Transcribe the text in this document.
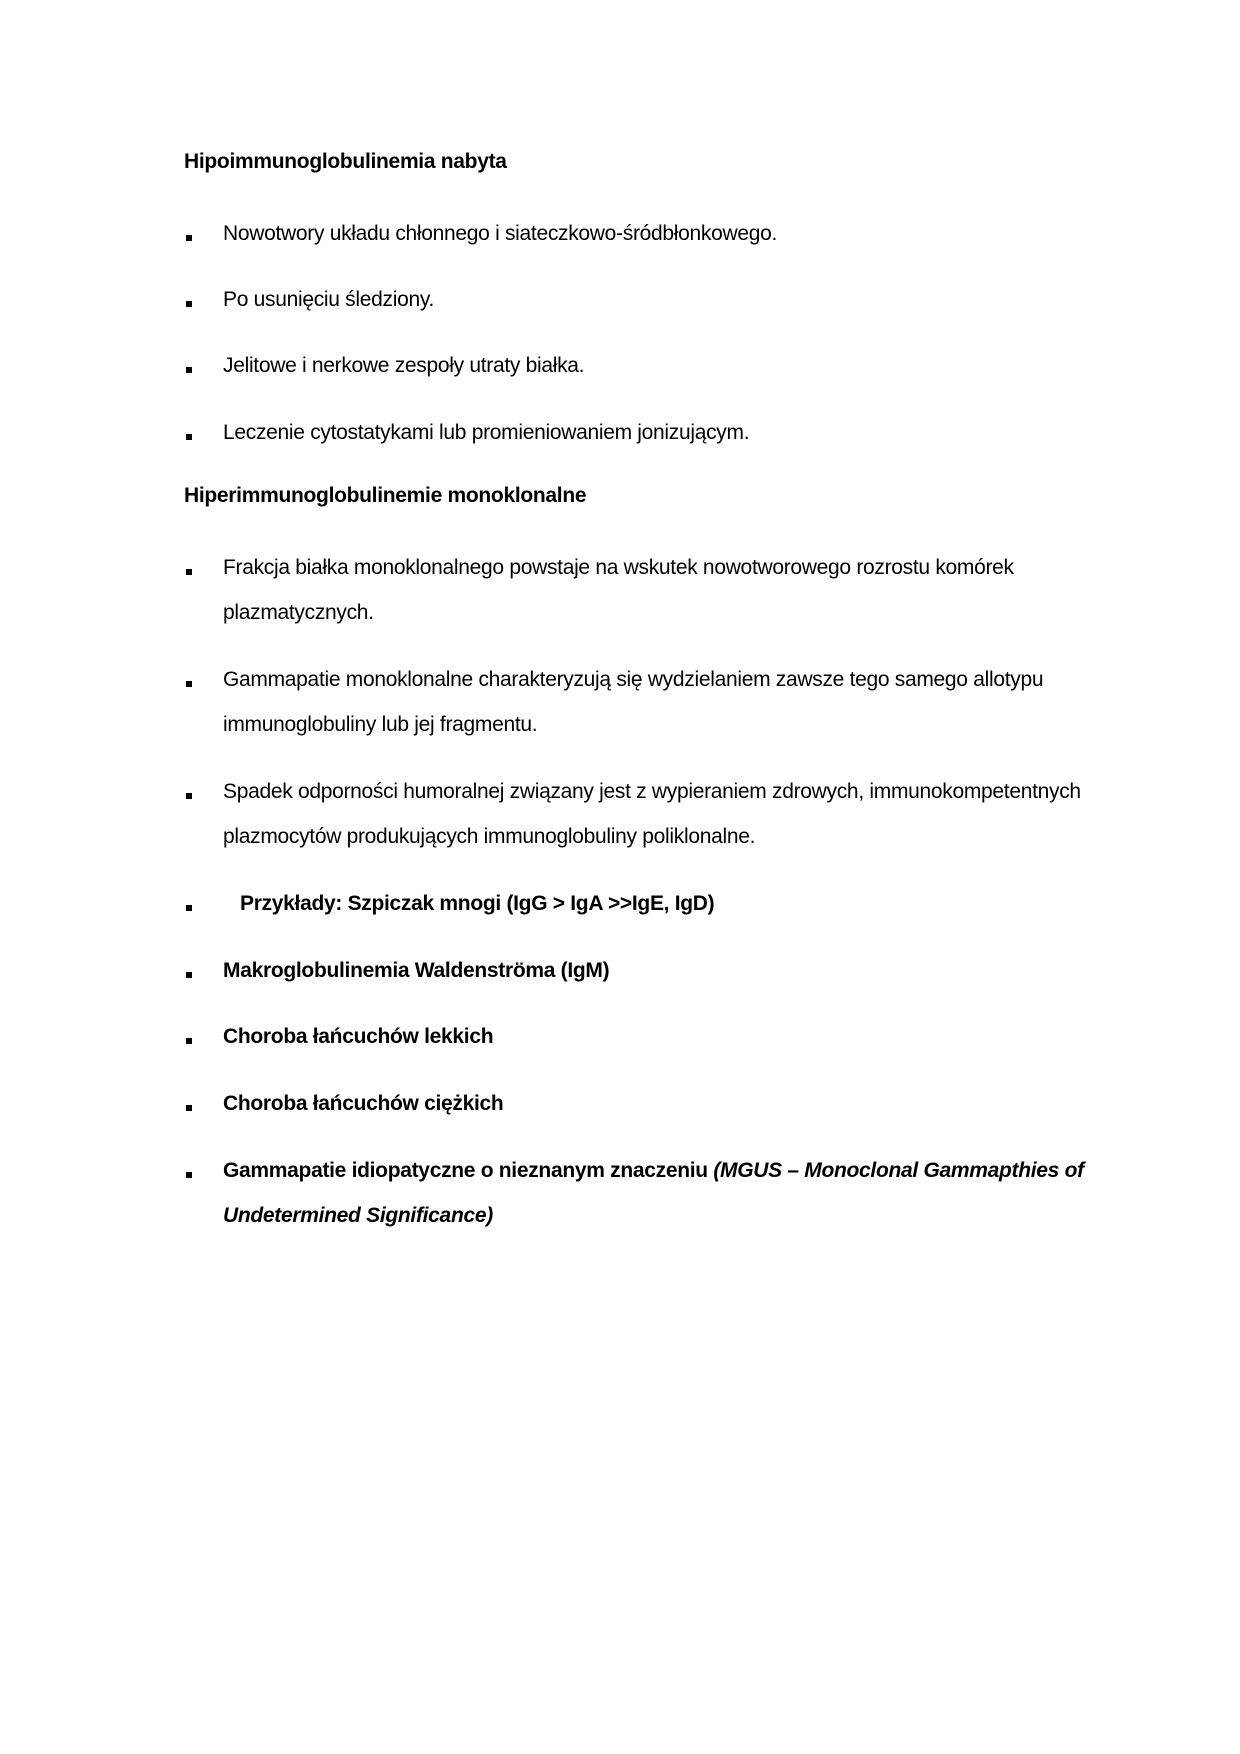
Hipoimmunoglobulinemia nabyta
Nowotwory układu chłonnego i siateczkowo-śródbłonkowego.
Po usunięciu śledziony.
Jelitowe i nerkowe zespoły utraty białka.
Leczenie cytostatykami lub promieniowaniem jonizującym.
Hiperimmunoglobulinemie monoklonalne
Frakcja białka monoklonalnego powstaje na wskutek nowotworowego rozrostu komórek plazmatycznych.
Gammapatie monoklonalne charakteryzują się wydzielaniem zawsze tego samego allotypu immunoglobuliny lub jej fragmentu.
Spadek odporności humoralnej związany jest z wypieraniem zdrowych, immunokompetentnych plazmocytów produkujących immunoglobuliny poliklonalne.
Przykłady: Szpiczak mnogi (IgG > IgA >>IgE, IgD)
Makroglobulinemia Waldenströma (IgM)
Choroba łańcuchów lekkich
Choroba łańcuchów ciężkich
Gammapatie idiopatyczne o nieznanym znaczeniu (MGUS – Monoclonal Gammapthies of Undetermined Significance)
